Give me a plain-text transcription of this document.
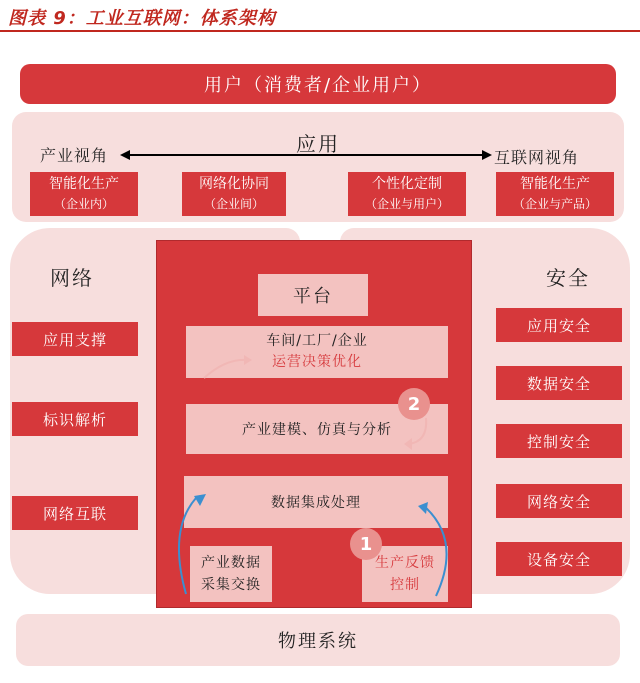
图表 9：工业互联网：体系架构
用户（消费者/企业用户）
产业视角	应用
互联网视角
智能化生产
（企业内）
网络化协同
（企业间）
个性化定制
（企业与用户）
智能化生产
（企业与产品）
网络
应用支撑
标识解析
网络互联
安全
应用安全
数据安全
控制安全
网络安全
设备安全
平台
车间/工厂/企业
运营决策优化
产业建模、仿真与分析
数据集成处理
产业数据
采集交换
生产反馈
控制
2
1
物理系统
